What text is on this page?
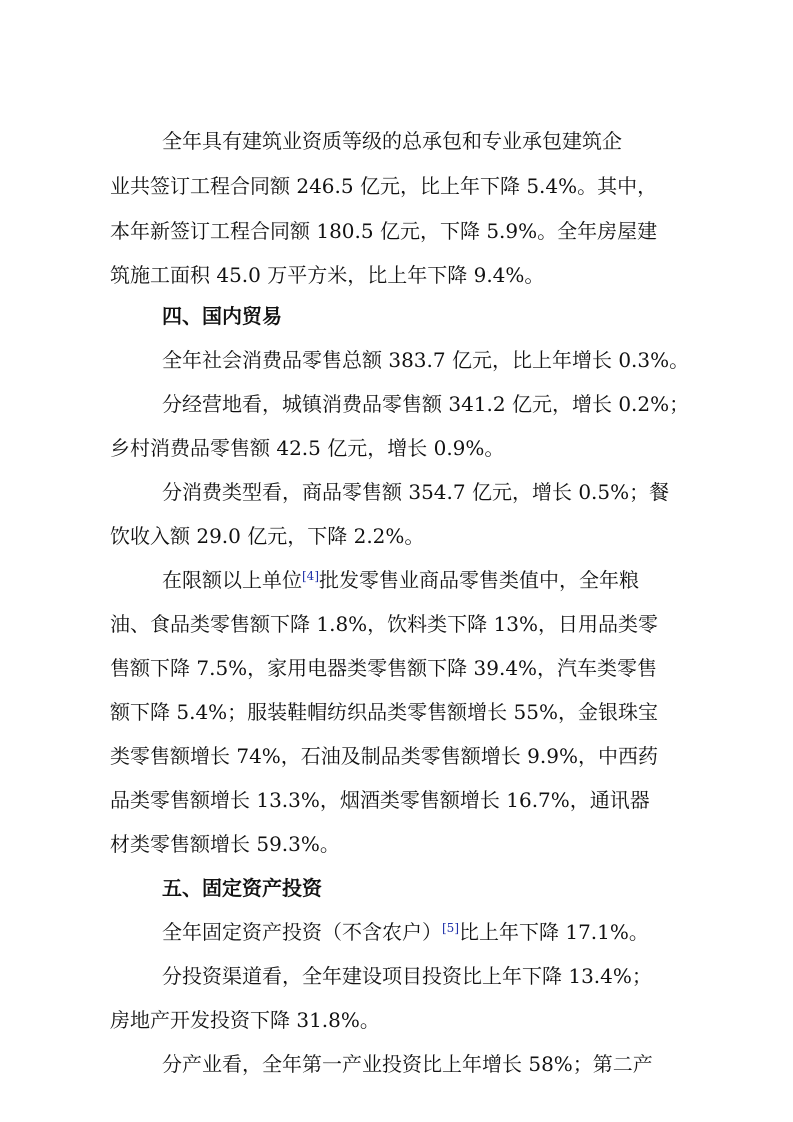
全年具有建筑业资质等级的总承包和专业承包建筑企
业共签订工程合同额 246.5 亿元，比上年下降 5.4%。其中，
本年新签订工程合同额 180.5 亿元，下降 5.9%。全年房屋建
筑施工面积 45.0 万平方米，比上年下降 9.4%。
四、国内贸易
全年社会消费品零售总额 383.7 亿元，比上年增长 0.3%。
分经营地看，城镇消费品零售额 341.2 亿元，增长 0.2%；
乡村消费品零售额 42.5 亿元，增长 0.9%。
分消费类型看，商品零售额 354.7 亿元，增长 0.5%；餐
饮收入额 29.0 亿元，下降 2.2%。
在限额以上单位[4]批发零售业商品零售类值中，全年粮
油、食品类零售额下降 1.8%，饮料类下降 13%，日用品类零
售额下降 7.5%，家用电器类零售额下降 39.4%，汽车类零售
额下降 5.4%；服装鞋帽纺织品类零售额增长 55%，金银珠宝
类零售额增长 74%，石油及制品类零售额增长 9.9%，中西药
品类零售额增长 13.3%，烟酒类零售额增长 16.7%，通讯器
材类零售额增长 59.3%。
五、固定资产投资
全年固定资产投资（不含农户）[5]比上年下降 17.1%。
分投资渠道看，全年建设项目投资比上年下降 13.4%；
房地产开发投资下降 31.8%。
分产业看，全年第一产业投资比上年增长 58%；第二产
